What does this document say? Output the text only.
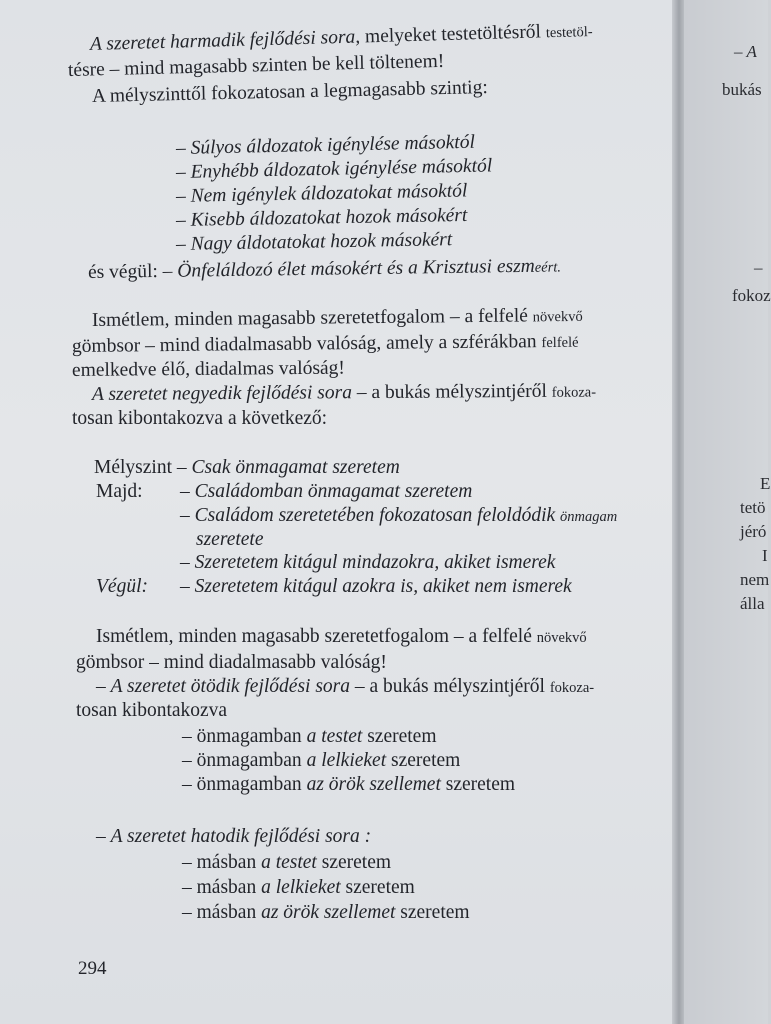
A szeretet harmadik fejlődési sora, melyeket testetöltésről testetöl-
tésre – mind magasabb szinten be kell töltenem!
A mélyszinttől fokozatosan a legmagasabb szintig:
– Súlyos áldozatok igénylése másoktól
– Enyhébb áldozatok igénylése másoktól
– Nem igénylek áldozatokat másoktól
– Kisebb áldozatokat hozok másokért
– Nagy áldotatokat hozok másokért
és végül: – Önfeláldozó élet másokért és a Krisztusi eszmeért.
Ismétlem, minden magasabb szeretetfogalom – a felfelé növekvő
gömbsor – mind diadalmasabb valóság, amely a szférákban felfelé
emelkedve élő, diadalmas valóság!
A szeretet negyedik fejlődési sora – a bukás mélyszintjéről fokoza-
tosan kibontakozva a következő:
Mélyszint – Csak önmagamat szeretem
Majd: – Családomban önmagamat szeretem
– Családom szeretetében fokozatosan feloldódik önmagam
szeretete
– Szeretetem kitágul mindazokra, akiket ismerek
Végül: – Szeretetem kitágul azokra is, akiket nem ismerek
Ismétlem, minden magasabb szeretetfogalom – a felfelé növekvő
gömbsor – mind diadalmasabb valóság!
– A szeretet ötödik fejlődési sora – a bukás mélyszintjéről fokoza-
tosan kibontakozva
– önmagamban a testet szeretem
– önmagamban a lelkieket szeretem
– önmagamban az örök szellemet szeretem
– A szeretet hatodik fejlődési sora :
– másban a testet szeretem
– másban a lelkieket szeretem
– másban az örök szellemet szeretem
294
– A
bukás
–
fokoz
E
tetö
jéró
I
nem
álla
